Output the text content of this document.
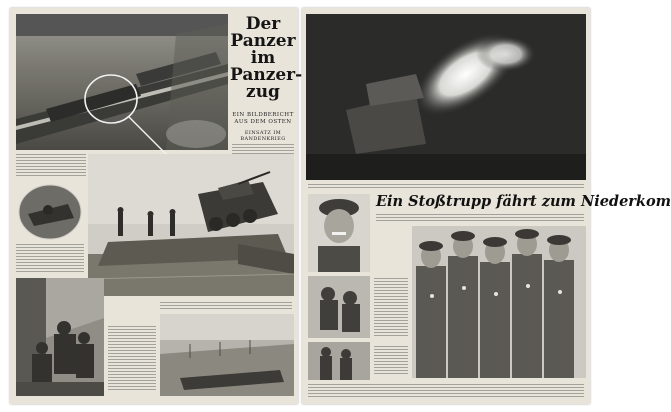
Der
Panzer
im
Panzer-
zug
EIN BILDBERICHT
AUS DEM OSTEN
EINSATZ IM
BANDENKRIEG
Ein Stoßtrupp fährt zum Niederkom
